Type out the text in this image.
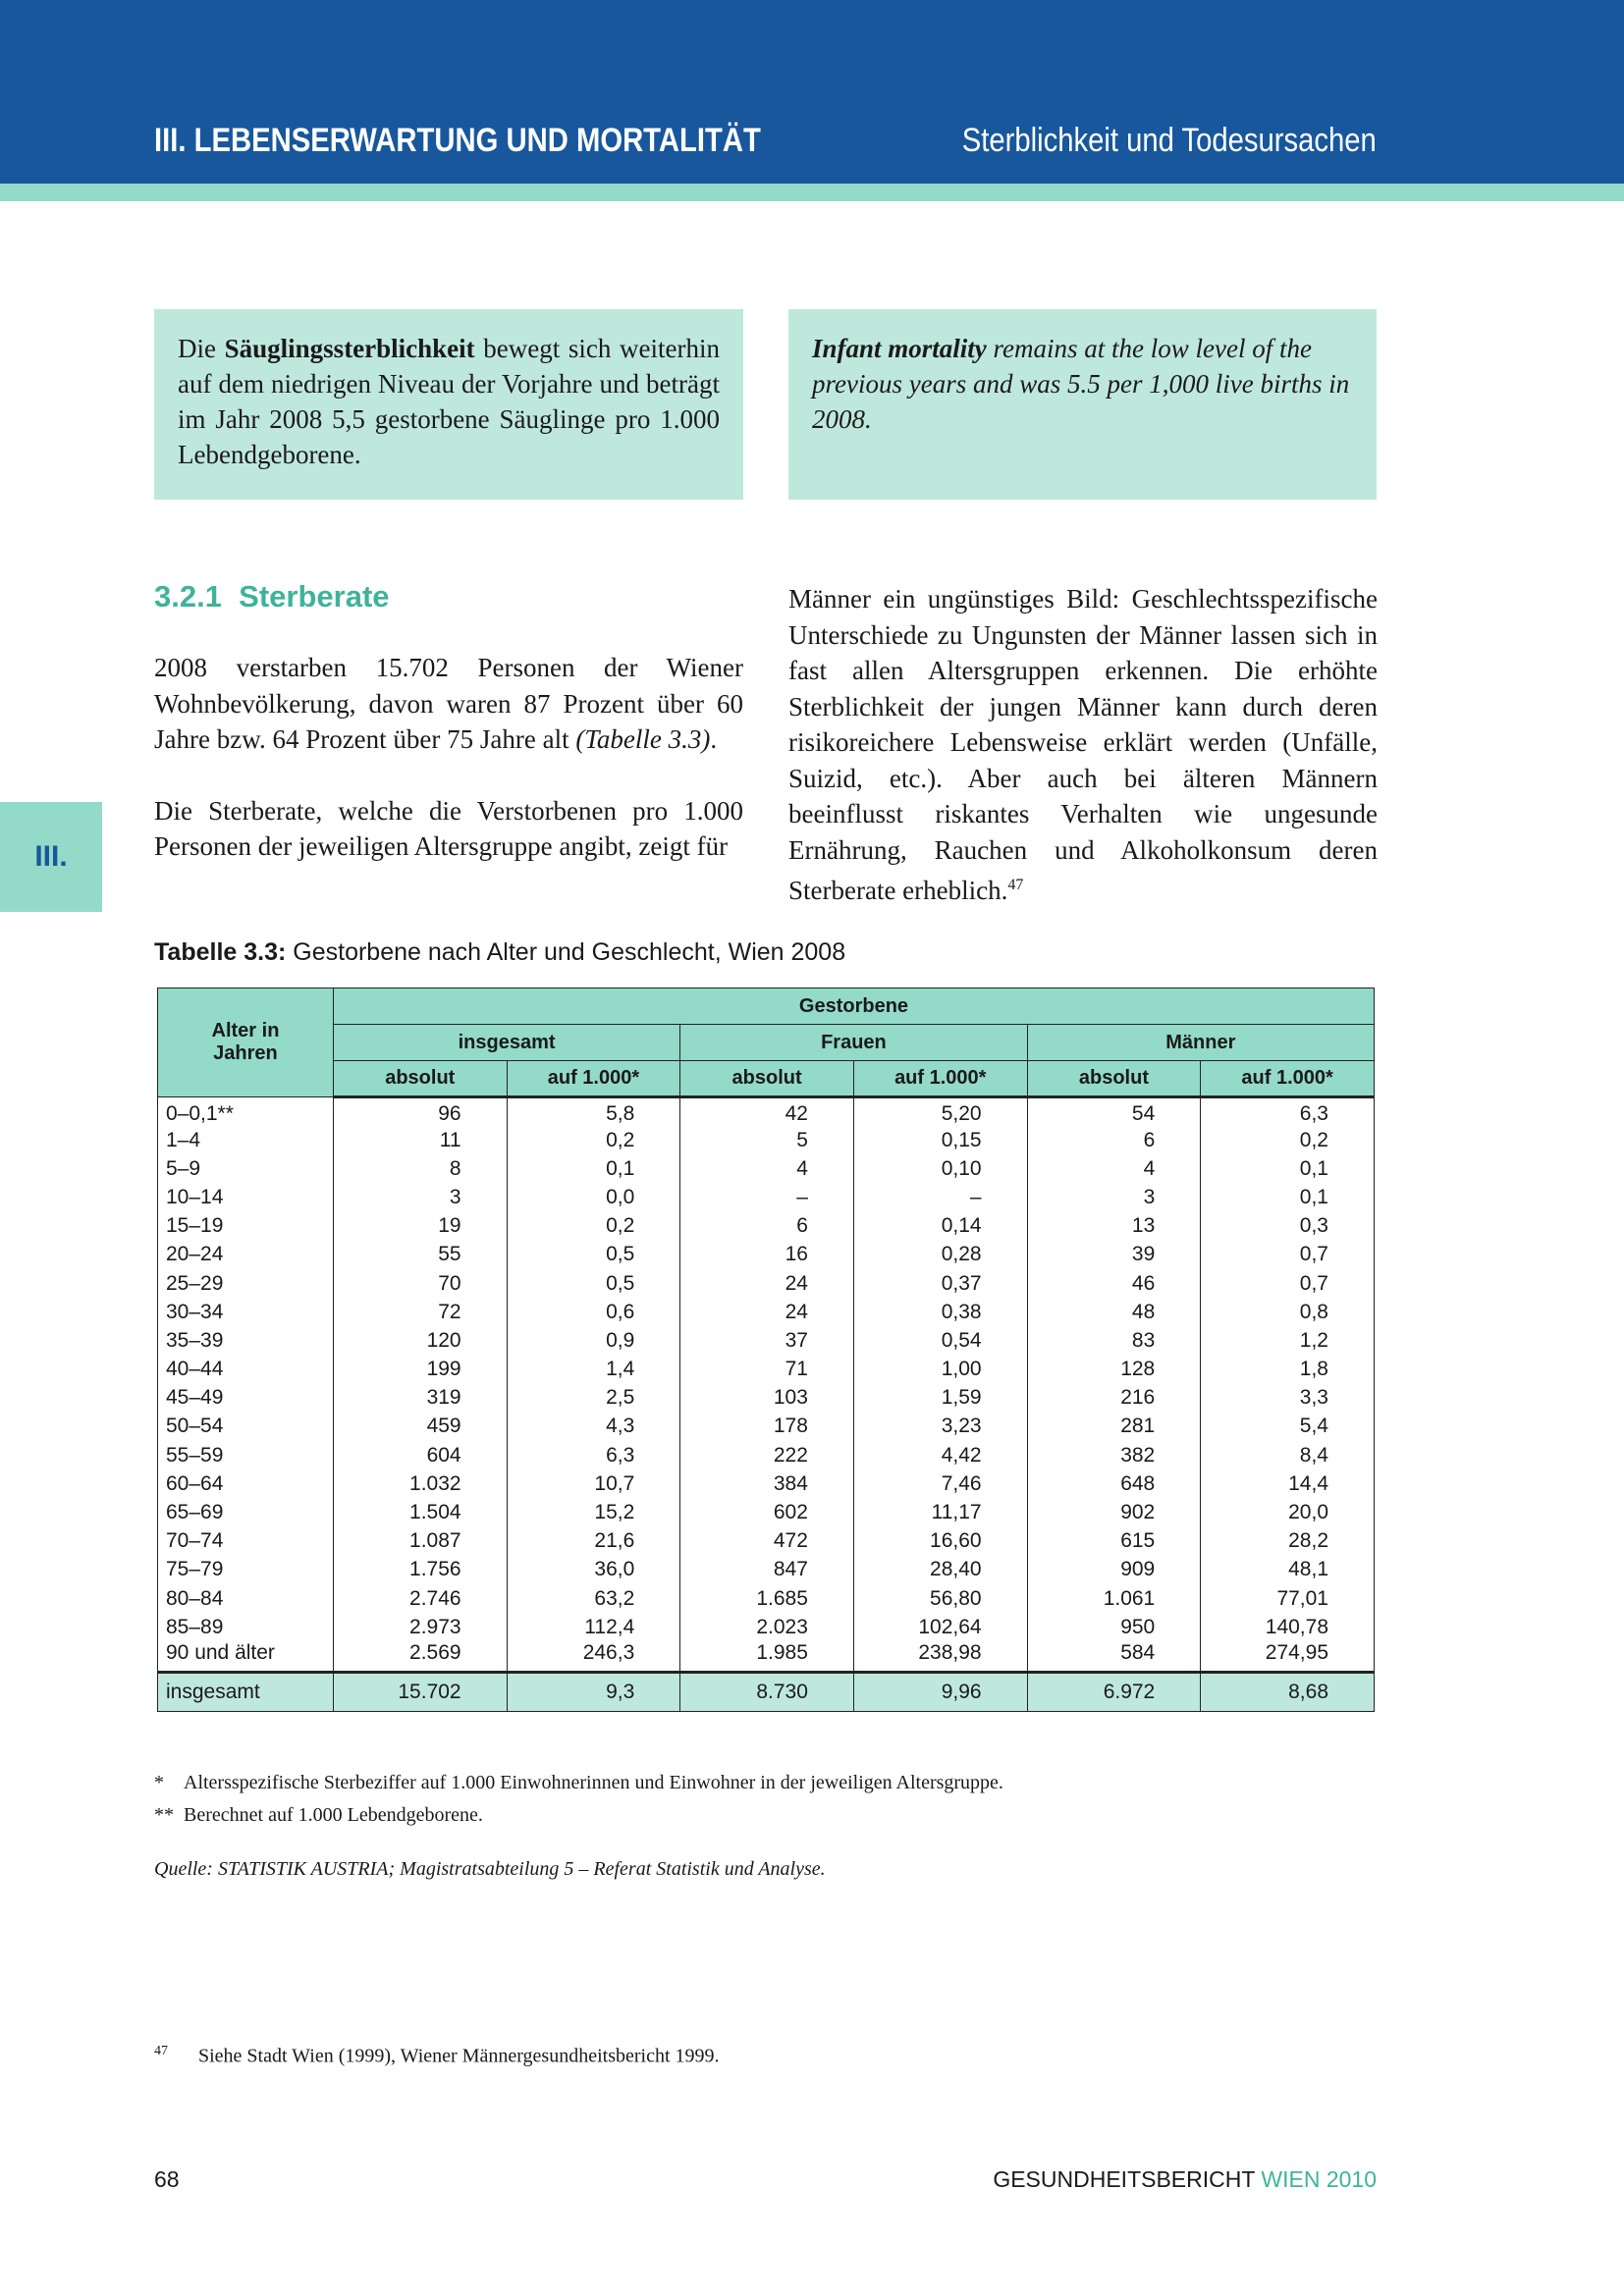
III. LEBENSERWARTUNG UND MORTALITÄT	Sterblichkeit und Todesursachen
Die Säuglingssterblichkeit bewegt sich weiterhin auf dem niedrigen Niveau der Vorjahre und beträgt im Jahr 2008 5,5 gestorbene Säuglinge pro 1.000 Lebendgeborene.
Infant mortality remains at the low level of the previous years and was 5.5 per 1,000 live births in 2008.
3.2.1  Sterberate

2008 verstarben 15.702 Personen der Wiener Wohnbevölkerung, davon waren 87 Prozent über 60 Jahre bzw. 64 Prozent über 75 Jahre alt (Tabelle 3.3).

Die Sterberate, welche die Verstorbenen pro 1.000 Personen der jeweiligen Altersgruppe angibt, zeigt für

Männer ein ungünstiges Bild: Geschlechtsspezifische Unterschiede zu Ungunsten der Männer lassen sich in fast allen Altersgruppen erkennen. Die erhöhte Sterblichkeit der jungen Männer kann durch deren risikoreichere Lebensweise erklärt werden (Unfälle, Suizid, etc.). Aber auch bei älteren Männern beeinflusst riskantes Verhalten wie ungesunde Ernährung, Rauchen und Alkoholkonsum deren Sterberate erheblich.$^{47}$
III.
Tabelle 3.3: Gestorbene nach Alter und Geschlecht, Wien 2008
Alter in Jahren	Gestorbene					
	insgesamt		Frauen		Männer	
	absolut	auf 1.000*	absolut	auf 1.000*	absolut	auf 1.000*
0–0,1**	96	5,8	42	5,20	54	6,3
1–4	11	0,2	5	0,15	6	0,2
5–9	8	0,1	4	0,10	4	0,1
10–14	3	0,0	–	–	3	0,1
15–19	19	0,2	6	0,14	13	0,3
20–24	55	0,5	16	0,28	39	0,7
25–29	70	0,5	24	0,37	46	0,7
30–34	72	0,6	24	0,38	48	0,8
35–39	120	0,9	37	0,54	83	1,2
40–44	199	1,4	71	1,00	128	1,8
45–49	319	2,5	103	1,59	216	3,3
50–54	459	4,3	178	3,23	281	5,4
55–59	604	6,3	222	4,42	382	8,4
60–64	1.032	10,7	384	7,46	648	14,4
65–69	1.504	15,2	602	11,17	902	20,0
70–74	1.087	21,6	472	16,60	615	28,2
75–79	1.756	36,0	847	28,40	909	48,1
80–84	2.746	63,2	1.685	56,80	1.061	77,01
85–89	2.973	112,4	2.023	102,64	950	140,78
90 und älter	2.569	246,3	1.985	238,98	584	274,95
insgesamt	15.702	9,3	8.730	9,96	6.972	8,68
* Altersspezifische Sterbeziffer auf 1.000 Einwohnerinnen und Einwohner in der jeweiligen Altersgruppe.
** Berechnet auf 1.000 Lebendgeborene.
Quelle: STATISTIK AUSTRIA; Magistratsabteilung 5 – Referat Statistik und Analyse.
$^{47}$ Siehe Stadt Wien (1999), Wiener Männergesundheitsbericht 1999.
68	GESUNDHEITSBERICHT WIEN 2010
